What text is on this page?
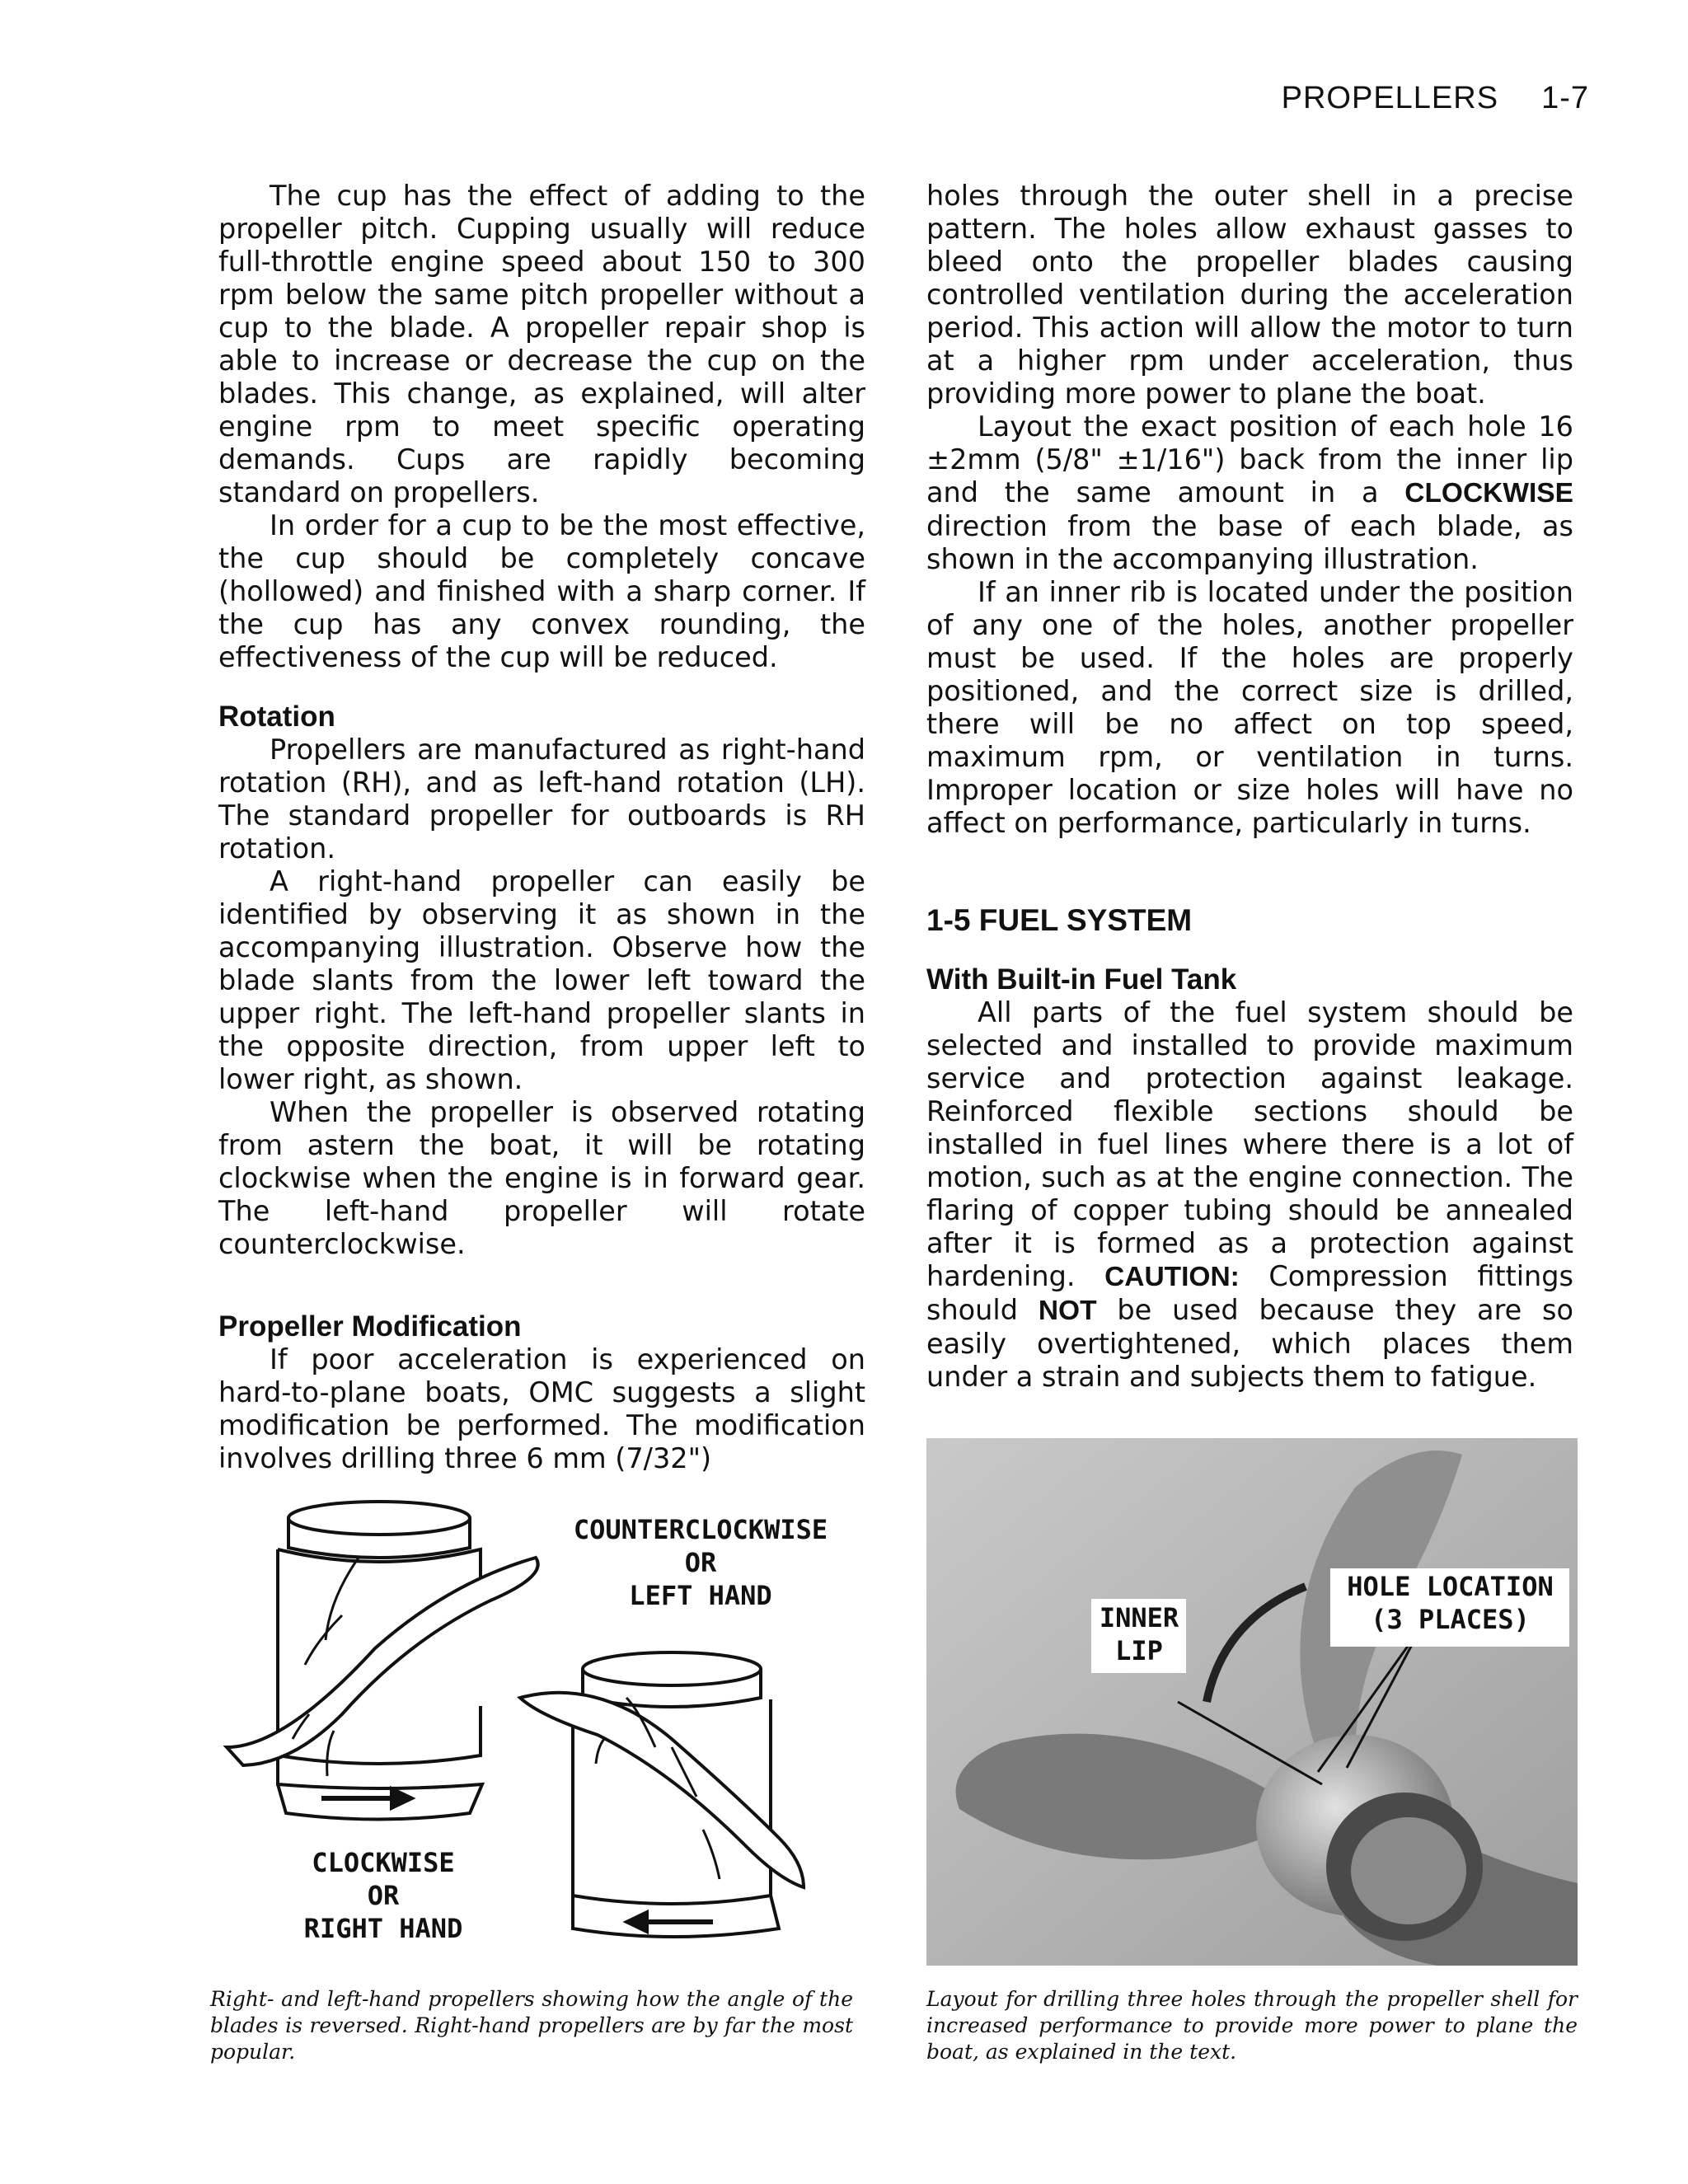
PROPELLERS 1-7

The cup has the effect of adding to the propeller pitch. Cupping usually will reduce full-throttle engine speed about 150 to 300 rpm below the same pitch propeller without a cup to the blade. A propeller repair shop is able to increase or decrease the cup on the blades. This change, as explained, will alter engine rpm to meet specific operating demands. Cups are rapidly becoming standard on propellers.

In order for a cup to be the most effective, the cup should be completely concave (hollowed) and finished with a sharp corner. If the cup has any convex rounding, the effectiveness of the cup will be reduced.

Rotation

Propellers are manufactured as right-hand rotation (RH), and as left-hand rotation (LH). The standard propeller for outboards is RH rotation.

A right-hand propeller can easily be identified by observing it as shown in the accompanying illustration. Observe how the blade slants from the lower left toward the upper right. The left-hand propeller slants in the opposite direction, from upper left to lower right, as shown.

When the propeller is observed rotating from astern the boat, it will be rotating clockwise when the engine is in forward gear. The left-hand propeller will rotate counterclockwise.

Propeller Modification

If poor acceleration is experienced on hard-to-plane boats, OMC suggests a slight modification be performed. The modification involves drilling three 6 mm (7/32")

holes through the outer shell in a precise pattern. The holes allow exhaust gasses to bleed onto the propeller blades causing controlled ventilation during the acceleration period. This action will allow the motor to turn at a higher rpm under acceleration, thus providing more power to plane the boat.

Layout the exact position of each hole 16 ±2mm (5/8" ±1/16") back from the inner lip and the same amount in a CLOCKWISE direction from the base of each blade, as shown in the accompanying illustration.

If an inner rib is located under the position of any one of the holes, another propeller must be used. If the holes are properly positioned, and the correct size is drilled, there will be no affect on top speed, maximum rpm, or ventilation in turns. Improper location or size holes will have no affect on performance, particularly in turns.

1-5 FUEL SYSTEM
With Built-in Fuel Tank

All parts of the fuel system should be selected and installed to provide maximum service and protection against leakage. Reinforced flexible sections should be installed in fuel lines where there is a lot of motion, such as at the engine connection. The flaring of copper tubing should be annealed after it is formed as a protection against hardening. CAUTION: Compression fittings should NOT be used because they are so easily overtightened, which places them under a strain and subjects them to fatigue.

COUNTERCLOCKWISE
OR
LEFT HAND
CLOCKWISE
OR
RIGHT HAND
Right- and left-hand propellers showing how the angle of the blades is reversed. Right-hand propellers are by far the most popular.
INNER
LIP
HOLE LOCATION
(3 PLACES)
Layout for drilling three holes through the propeller shell for increased performance to provide more power to plane the boat, as explained in the text.
